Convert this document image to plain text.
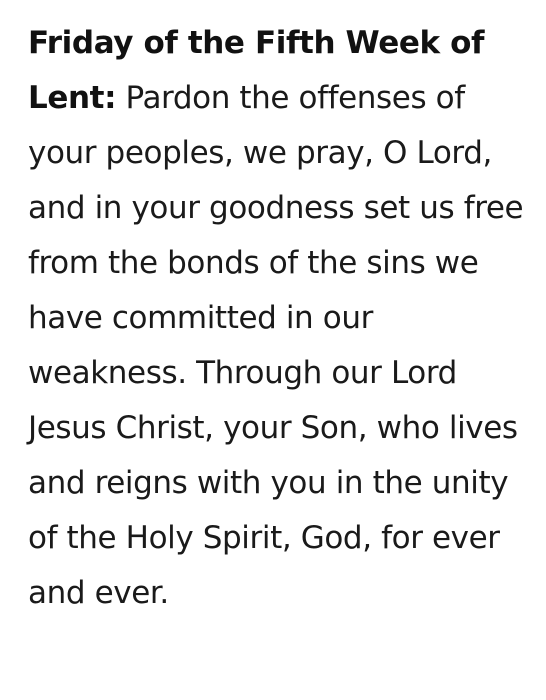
Friday of the Fifth Week of Lent: Pardon the offenses of your peoples, we pray, O Lord, and in your goodness set us free from the bonds of the sins we have committed in our weakness. Through our Lord Jesus Christ, your Son, who lives and reigns with you in the unity of the Holy Spirit, God, for ever and ever.
